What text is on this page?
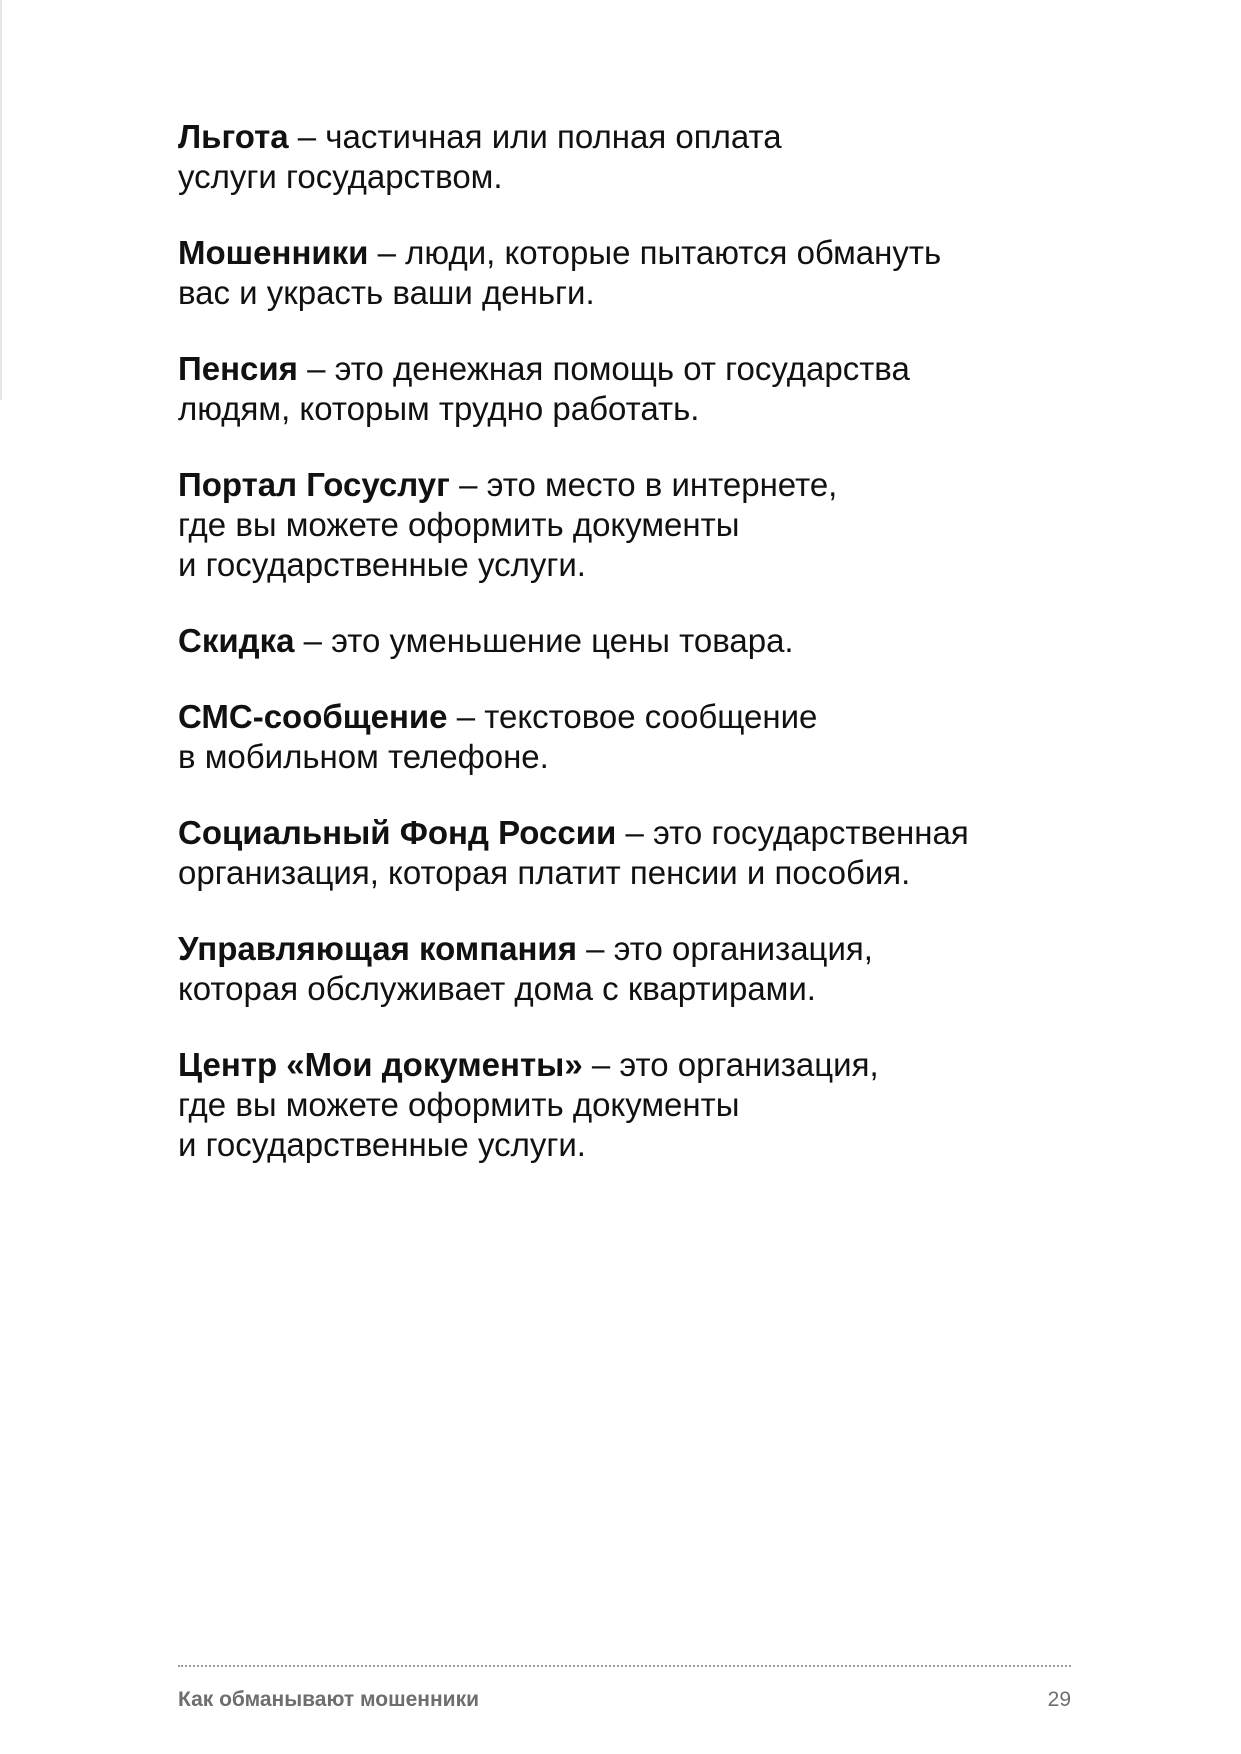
Льгота – частичная или полная оплата
услуги государством.
Мошенники – люди, которые пытаются обмануть
вас и украсть ваши деньги.
Пенсия – это денежная помощь от государства
людям, которым трудно работать.
Портал Госуслуг – это место в интернете,
где вы можете оформить документы
и государственные услуги.
Скидка – это уменьшение цены товара.
СМС-сообщение – текстовое сообщение
в мобильном телефоне.
Социальный Фонд России – это государственная
организация, которая платит пенсии и пособия.
Управляющая компания – это организация,
которая обслуживает дома с квартирами.
Центр «Мои документы» – это организация,
где вы можете оформить документы
и государственные услуги.
Как обманывают мошенники	29
